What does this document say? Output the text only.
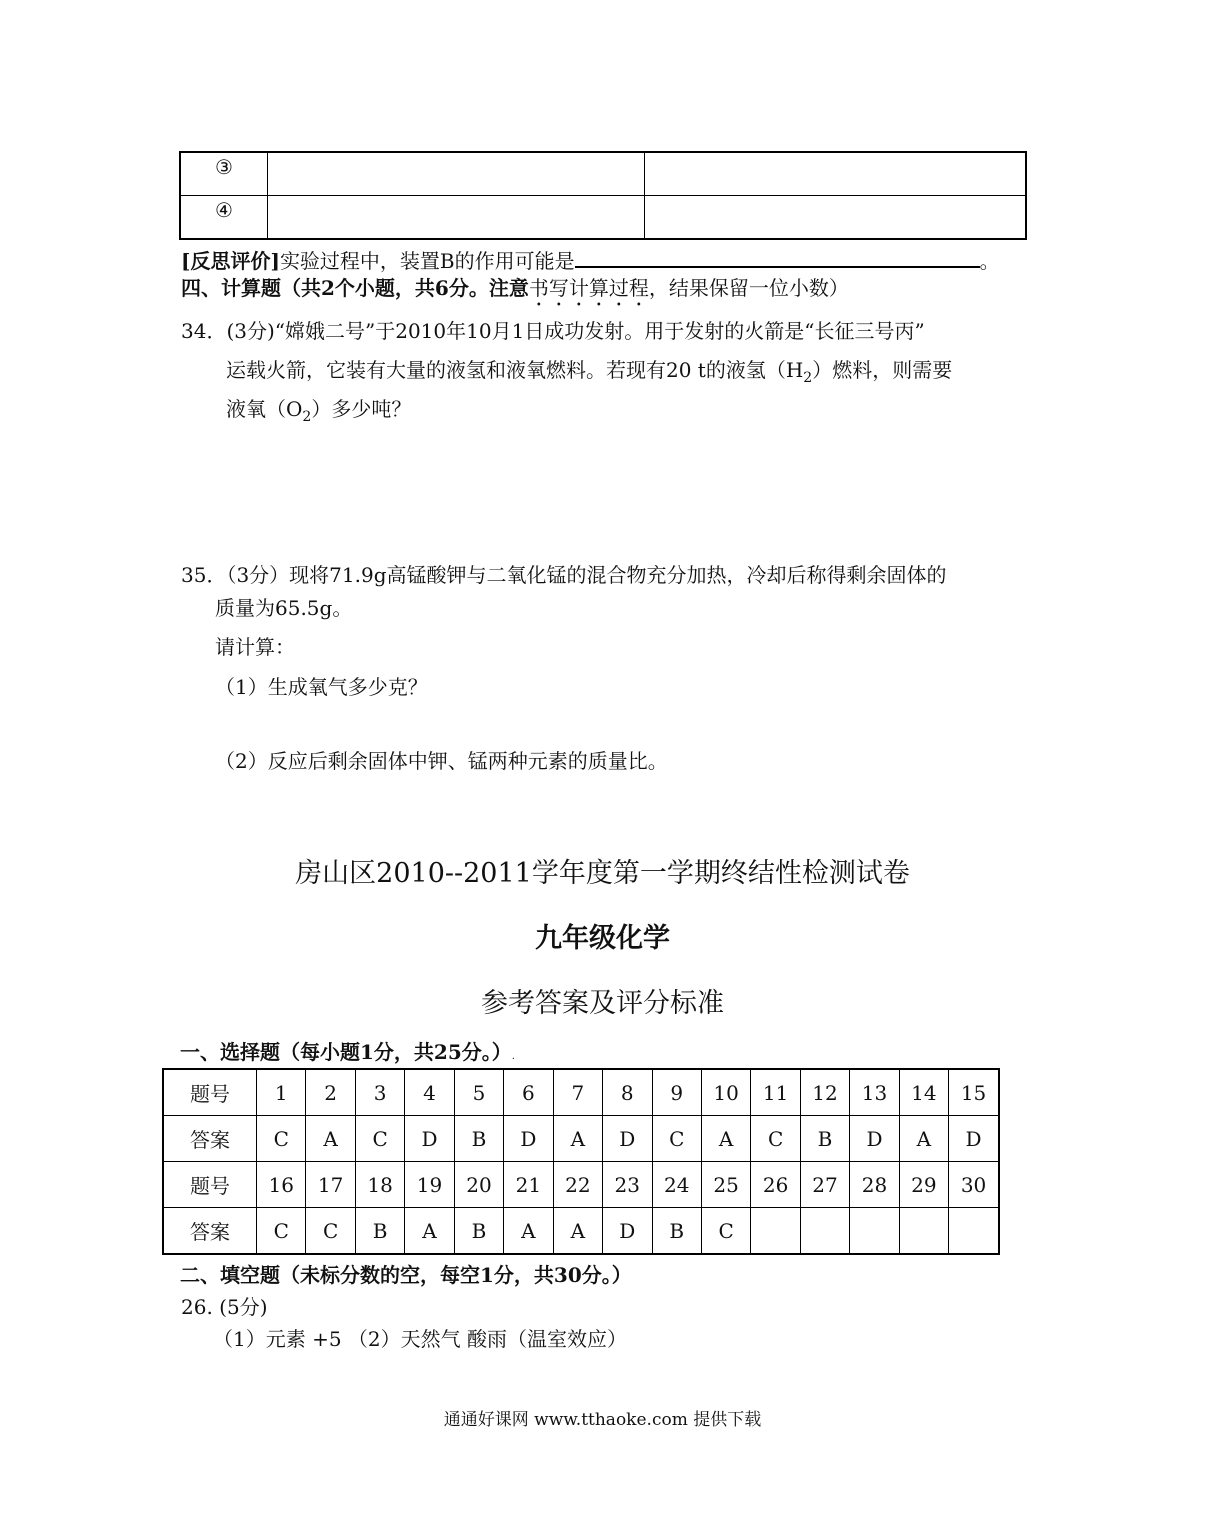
③		
④		
[反思评价]实验过程中，装置B的作用可能是	。
四、计算题（共2个小题，共6分。注意书写计算过程，结果保留一位小数）
34．(3分)“嫦娥二号”于2010年10月1日成功发射。用于发射的火箭是“长征三号丙”
运载火箭，它装有大量的液氢和液氧燃料。若现有20 t的液氢$(H_2)$燃料，则需要
液氧$(O_2)$多少吨？
35．（3分）现将71.9g高锰酸钾与二氧化锰的混合物充分加热，冷却后称得剩余固体的
质量为65.5g。
请计算：
（1）生成氧气多少克？
（2）反应后剩余固体中钾、锰两种元素的质量比。
房山区2010--2011学年度第一学期终结性检测试卷
九年级化学
参考答案及评分标准
一、选择题（每小题1分，共25分。）.
题号	1	2	3	4	5	6	7	8	9	10	11	12	13	14	15
答案	C	A	C	D	B	D	A	D	C	A	C	B	D	A	D
题号	16	17	18	19	20	21	22	23	24	25	26	27	28	29	30
答案	C	C	B	A	B	A	A	D	B	C					
二、填空题（未标分数的空，每空1分，共30分。）
26. (5分)
（1）元素 +5 （2）天然气 酸雨（温室效应）
通通好课网 www.tthaoke.com 提供下载
